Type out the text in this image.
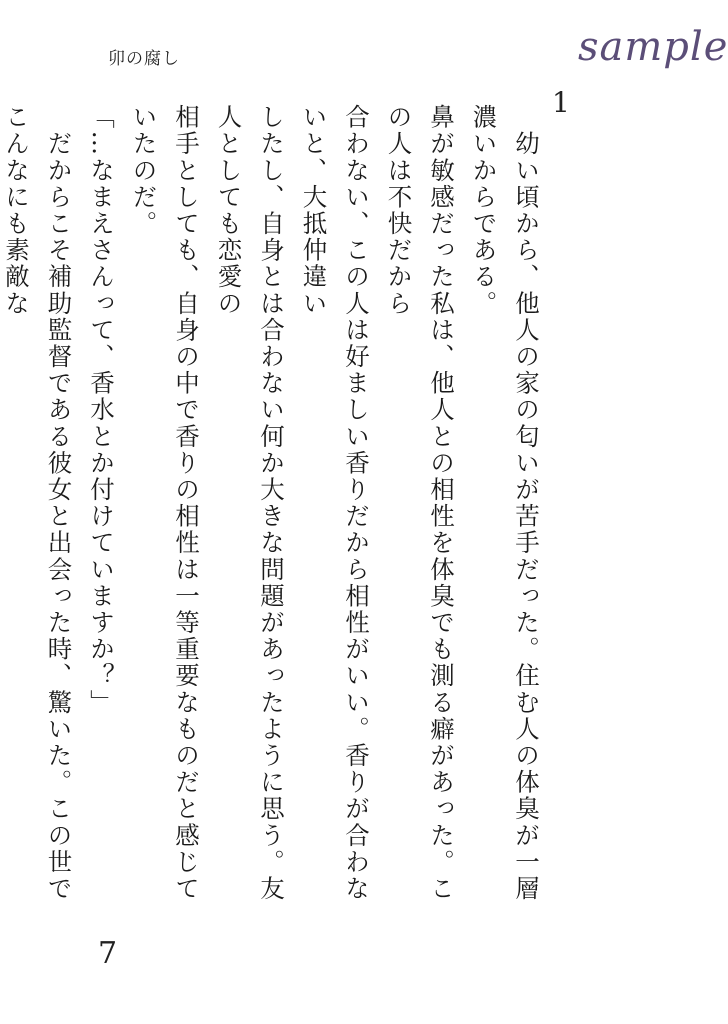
卯の腐し	sample
1

　幼い頃から、他人の家の匂いが苦手だった。住む人の体臭が一層濃いからである。

鼻が敏感だった私は、他人との相性を体臭でも測る癖があった。この人は不快だから

合わない、この人は好ましい香りだから相性がいい。香りが合わないと、大抵仲違い

したし、自身とは合わない何か大きな問題があったように思う。友人としても恋愛の

相手としても、自身の中で香りの相性は一等重要なものだと感じていたのだ。

「…なまえさんって、香水とか付けていますか？」

　だからこそ補助監督である彼女と出会った時、驚いた。この世でこんなにも素敵な

7
